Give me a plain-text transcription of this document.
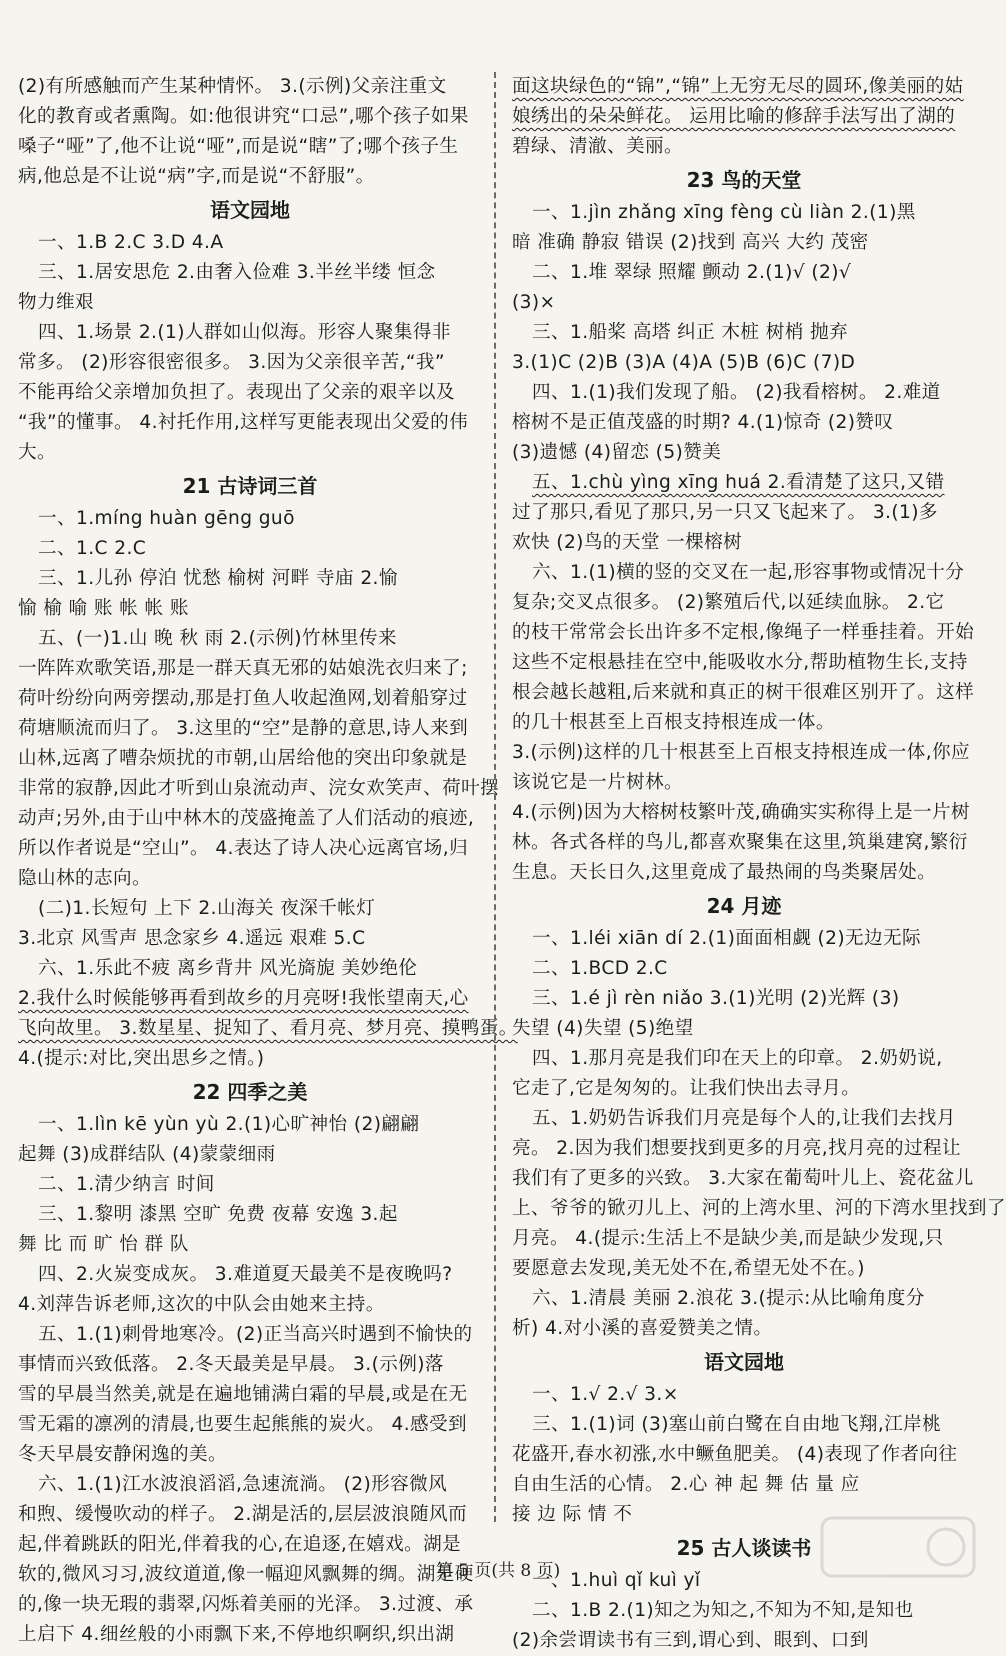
(2)有所感触而产生某种情怀。 3.(示例)父亲注重文
化的教育或者熏陶。如:他很讲究“口忌”,哪个孩子如果
嗓子“哑”了,他不让说“哑”,而是说“瞎”了;哪个孩子生
病,他总是不让说“病”字,而是说“不舒服”。
语文园地
一、1.B 2.C 3.D 4.A
三、1.居安思危 2.由奢入俭难 3.半丝半缕 恒念
物力维艰
四、1.场景 2.(1)人群如山似海。形容人聚集得非
常多。 (2)形容很密很多。 3.因为父亲很辛苦,“我”
不能再给父亲增加负担了。表现出了父亲的艰辛以及
“我”的懂事。 4.衬托作用,这样写更能表现出父爱的伟
大。
21 古诗词三首
一、1.míng huàn gēng guō
二、1.C 2.C
三、1.儿孙 停泊 忧愁 榆树 河畔 寺庙 2.愉
愉 榆 喻 账 帐 帐 账
五、(一)1.山 晚 秋 雨 2.(示例)竹林里传来
一阵阵欢歌笑语,那是一群天真无邪的姑娘洗衣归来了;
荷叶纷纷向两旁摆动,那是打鱼人收起渔网,划着船穿过
荷塘顺流而归了。 3.这里的“空”是静的意思,诗人来到
山林,远离了嘈杂烦扰的市朝,山居给他的突出印象就是
非常的寂静,因此才听到山泉流动声、浣女欢笑声、荷叶摆
动声;另外,由于山中林木的茂盛掩盖了人们活动的痕迹,
所以作者说是“空山”。 4.表达了诗人决心远离官场,归
隐山林的志向。
(二)1.长短句 上下 2.山海关 夜深千帐灯
3.北京 风雪声 思念家乡 4.遥远 艰难 5.C
六、1.乐此不疲 离乡背井 风光旖旎 美妙绝伦
2.我什么时候能够再看到故乡的月亮呀!我怅望南天,心
飞向故里。 3.数星星、捉知了、看月亮、梦月亮、摸鸭蛋。
4.(提示:对比,突出思乡之情。)
22 四季之美
一、1.lìn kē yùn yù 2.(1)心旷神怡 (2)翩翩
起舞 (3)成群结队 (4)蒙蒙细雨
二、1.清少纳言 时间
三、1.黎明 漆黑 空旷 免费 夜幕 安逸 3.起
舞 比 而 旷 怡 群 队
四、2.火炭变成灰。 3.难道夏天最美不是夜晚吗?
4.刘萍告诉老师,这次的中队会由她来主持。
五、1.(1)刺骨地寒冷。(2)正当高兴时遇到不愉快的
事情而兴致低落。 2.冬天最美是早晨。 3.(示例)落
雪的早晨当然美,就是在遍地铺满白霜的早晨,或是在无
雪无霜的凛冽的清晨,也要生起熊熊的炭火。 4.感受到
冬天早晨安静闲逸的美。
六、1.(1)江水波浪滔滔,急速流淌。 (2)形容微风
和煦、缓慢吹动的样子。 2.湖是活的,层层波浪随风而
起,伴着跳跃的阳光,伴着我的心,在追逐,在嬉戏。湖是
软的,微风习习,波纹道道,像一幅迎风飘舞的绸。湖是硬
的,像一块无瑕的翡翠,闪烁着美丽的光泽。 3.过渡、承
上启下 4.细丝般的小雨飘下来,不停地织啊织,织出湖
面这块绿色的“锦”,“锦”上无穷无尽的圆环,像美丽的姑
娘绣出的朵朵鲜花。 运用比喻的修辞手法写出了湖的
碧绿、清澈、美丽。
23 鸟的天堂
一、1.jìn zhǎng xīng fèng cù liàn 2.(1)黑
暗 准确 静寂 错误 (2)找到 高兴 大约 茂密
二、1.堆 翠绿 照耀 颤动 2.(1)√ (2)√
(3)×
三、1.船桨 高塔 纠正 木桩 树梢 抛弃
3.(1)C (2)B (3)A (4)A (5)B (6)C (7)D
四、1.(1)我们发现了船。 (2)我看榕树。 2.难道
榕树不是正值茂盛的时期? 4.(1)惊奇 (2)赞叹
(3)遗憾 (4)留恋 (5)赞美
五、1.chù yìng xīng huá 2.看清楚了这只,又错
过了那只,看见了那只,另一只又飞起来了。 3.(1)多
欢快 (2)鸟的天堂 一棵榕树
六、1.(1)横的竖的交叉在一起,形容事物或情况十分
复杂;交叉点很多。 (2)繁殖后代,以延续血脉。 2.它
的枝干常常会长出许多不定根,像绳子一样垂挂着。开始
这些不定根悬挂在空中,能吸收水分,帮助植物生长,支持
根会越长越粗,后来就和真正的树干很难区别开了。这样
的几十根甚至上百根支持根连成一体。
3.(示例)这样的几十根甚至上百根支持根连成一体,你应
该说它是一片树林。
4.(示例)因为大榕树枝繁叶茂,确确实实称得上是一片树
林。各式各样的鸟儿,都喜欢聚集在这里,筑巢建窝,繁衍
生息。天长日久,这里竟成了最热闹的鸟类聚居处。
24 月迹
一、1.léi xiān dí 2.(1)面面相觑 (2)无边无际
二、1.BCD 2.C
三、1.é jì rèn niǎo 3.(1)光明 (2)光辉 (3)
失望 (4)失望 (5)绝望
四、1.那月亮是我们印在天上的印章。 2.奶奶说,
它走了,它是匆匆的。让我们快出去寻月。
五、1.奶奶告诉我们月亮是每个人的,让我们去找月
亮。 2.因为我们想要找到更多的月亮,找月亮的过程让
我们有了更多的兴致。 3.大家在葡萄叶儿上、瓷花盆儿
上、爷爷的锨刃儿上、河的上湾水里、河的下湾水里找到了
月亮。 4.(提示:生活上不是缺少美,而是缺少发现,只
要愿意去发现,美无处不在,希望无处不在。)
六、1.清晨 美丽 2.浪花 3.(提示:从比喻角度分
析) 4.对小溪的喜爱赞美之情。
语文园地
一、1.√ 2.√ 3.×
三、1.(1)词 (3)塞山前白鹭在自由地飞翔,江岸桃
花盛开,春水初涨,水中鳜鱼肥美。 (4)表现了作者向往
自由生活的心情。 2.心 神 起 舞 估 量 应
接 边 际 情 不
25 古人谈读书
一、1.huì qǐ kuì yǐ
二、1.B 2.(1)知之为知之,不知为不知,是知也
(2)余尝谓读书有三到,谓心到、眼到、口到
第 5 页(共 8 页)
